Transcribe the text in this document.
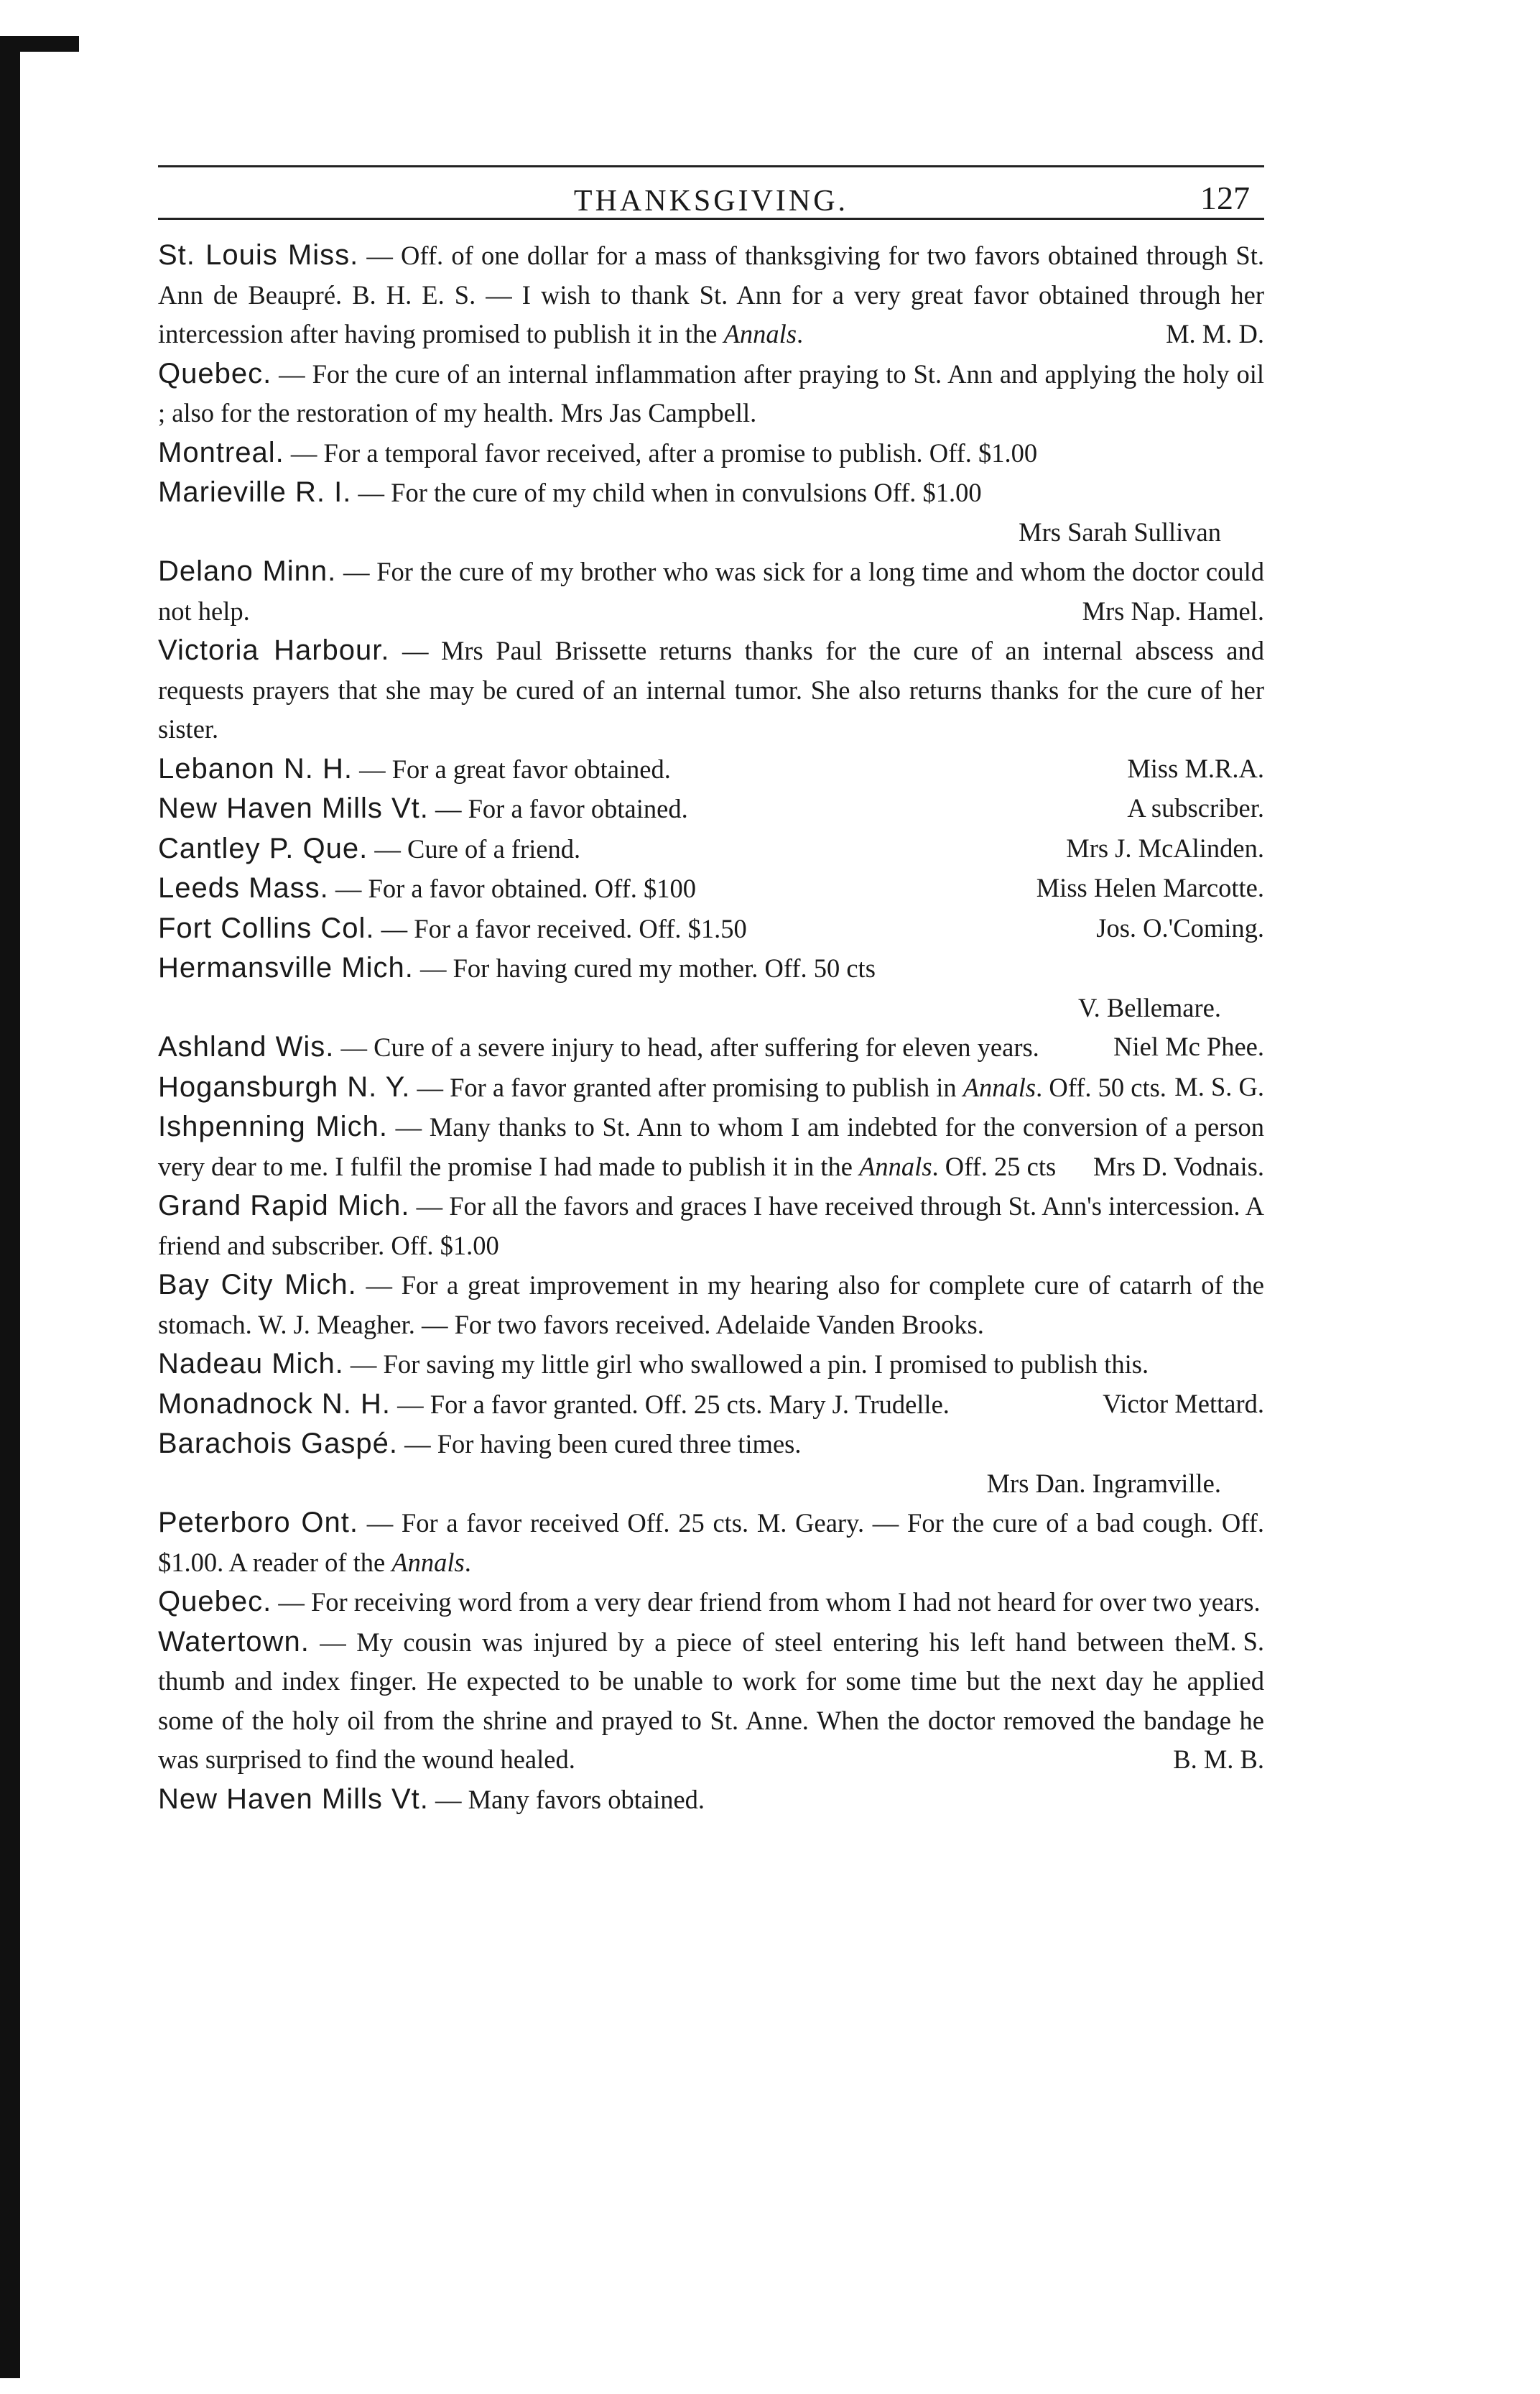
THANKSGIVING.	127
St. Louis Miss. — Off. of one dollar for a mass of thanksgiving for two favors obtained through St. Ann de Beaupré. B. H. E. S. — I wish to thank St. Ann for a very great favor obtained through her intercession after having promised to publish it in the Annals.	M. M. D.
Quebec. — For the cure of an internal inflammation after praying to St. Ann and applying the holy oil ; also for the restoration of my health. Mrs Jas Campbell.
Montreal. — For a temporal favor received, after a promise to publish. Off. $1.00
Marieville R. I. — For the cure of my child when in convulsions Off. $1.00
Mrs Sarah Sullivan
Delano Minn. — For the cure of my brother who was sick for a long time and whom the doctor could not help.	Mrs Nap. Hamel.
Victoria Harbour. — Mrs Paul Brissette returns thanks for the cure of an internal abscess and requests prayers that she may be cured of an internal tumor. She also returns thanks for the cure of her sister.
Lebanon N. H. — For a great favor obtained.	Miss M.R.A.
New Haven Mills Vt. — For a favor obtained.	A subscriber.
Cantley P. Que. — Cure of a friend.	Mrs J. McAlinden.
Leeds Mass. — For a favor obtained. Off. $100	Miss Helen Marcotte.
Fort Collins Col. — For a favor received. Off. $1.50	Jos. O.'Coming.
Hermansville Mich. — For having cured my mother. Off. 50 cts
V. Bellemare.
Ashland Wis. — Cure of a severe injury to head, after suffering for eleven years.	Niel Mc Phee.
Hogansburgh N. Y. — For a favor granted after promising to publish in Annals. Off. 50 cts. M. S. G.
Ishpenning Mich. — Many thanks to St. Ann to whom I am indebted for the conversion of a person very dear to me. I fulfil the promise I had made to publish it in the Annals. Off. 25 cts Mrs D. Vodnais.
Grand Rapid Mich. — For all the favors and graces I have received through St. Ann's intercession. A friend and subscriber. Off. $1.00
Bay City Mich. — For a great improvement in my hearing also for complete cure of catarrh of the stomach. W. J. Meagher. — For two favors received. Adelaide Vanden Brooks.
Nadeau Mich. — For saving my little girl who swallowed a pin. I promised to publish this.
Victor Mettard.
Monadnock N. H. — For a favor granted. Off. 25 cts. Mary J. Trudelle.
Barachois Gaspé. — For having been cured three times.
Mrs Dan. Ingramville.
Peterboro Ont. — For a favor received Off. 25 cts. M. Geary. — For the cure of a bad cough. Off. $1.00. A reader of the Annals.
Quebec. — For receiving word from a very dear friend from whom I had not heard for over two years.
M. S.
Watertown. — My cousin was injured by a piece of steel entering his left hand between the thumb and index finger. He expected to be unable to work for some time but the next day he applied some of the holy oil from the shrine and prayed to St. Anne. When the doctor removed the bandage he was surprised to find the wound healed.	B. M. B.
New Haven Mills Vt. — Many favors obtained.
